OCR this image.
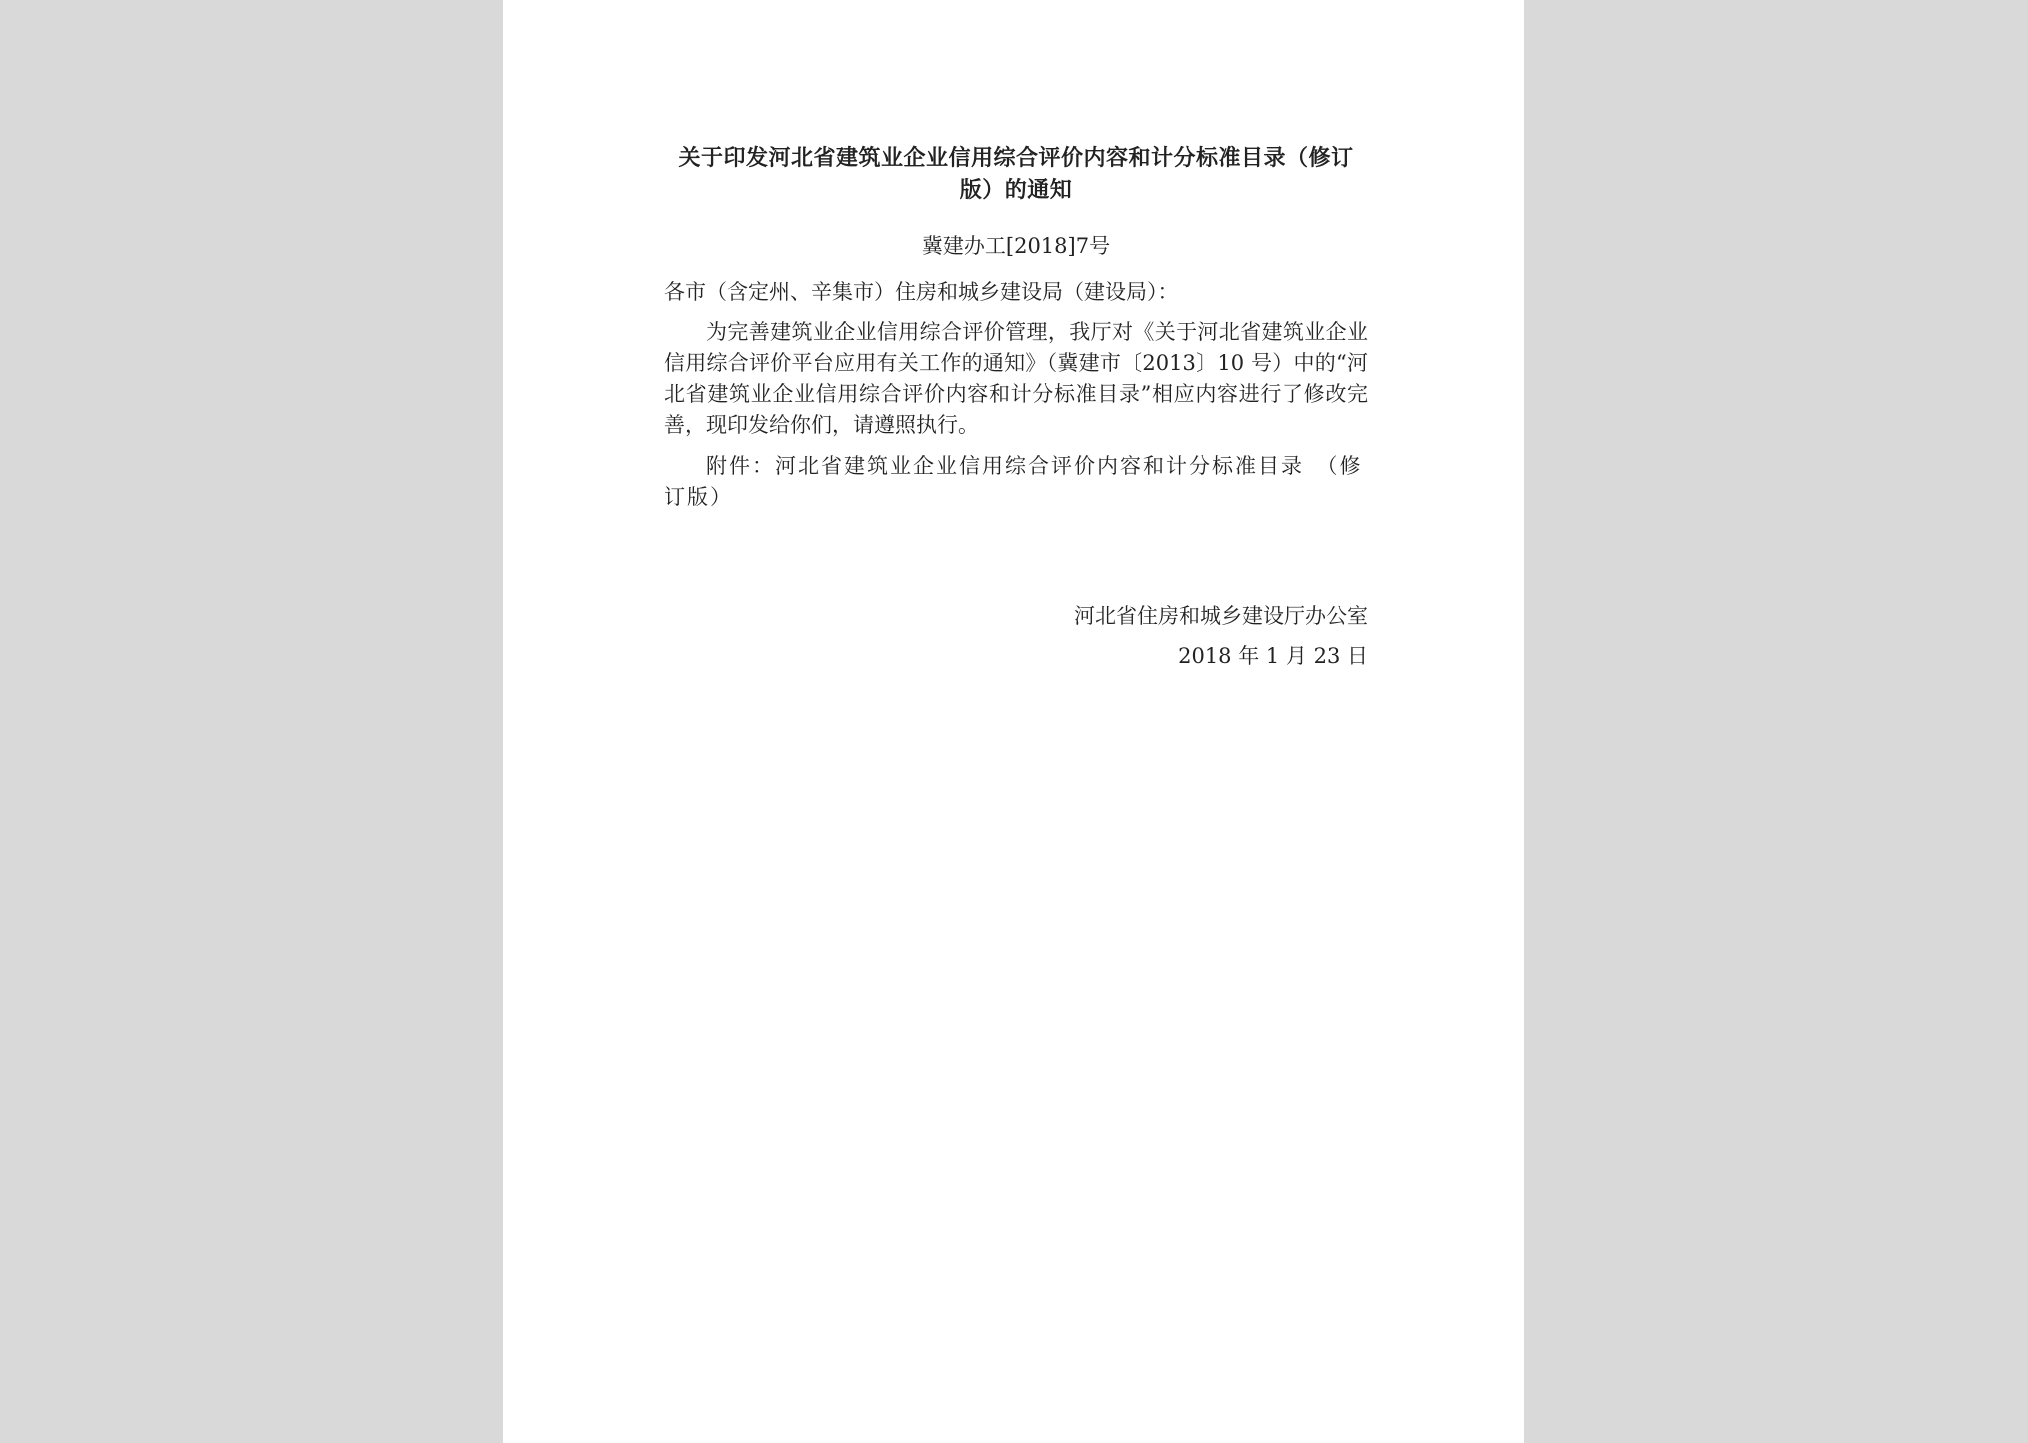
关于印发河北省建筑业企业信用综合评价内容和计分标准目录（修订版）的通知
冀建办工[2018]7号
各市（含定州、辛集市）住房和城乡建设局（建设局）：
为完善建筑业企业信用综合评价管理，我厅对《关于河北省建筑业企业信用综合评价平台应用有关工作的通知》（冀建市〔2013〕10 号）中的“河北省建筑业企业信用综合评价内容和计分标准目录”相应内容进行了修改完善，现印发给你们，请遵照执行。
附件：河北省建筑业企业信用综合评价内容和计分标准目录　（修订版）
河北省住房和城乡建设厅办公室
2018 年 1 月 23 日
